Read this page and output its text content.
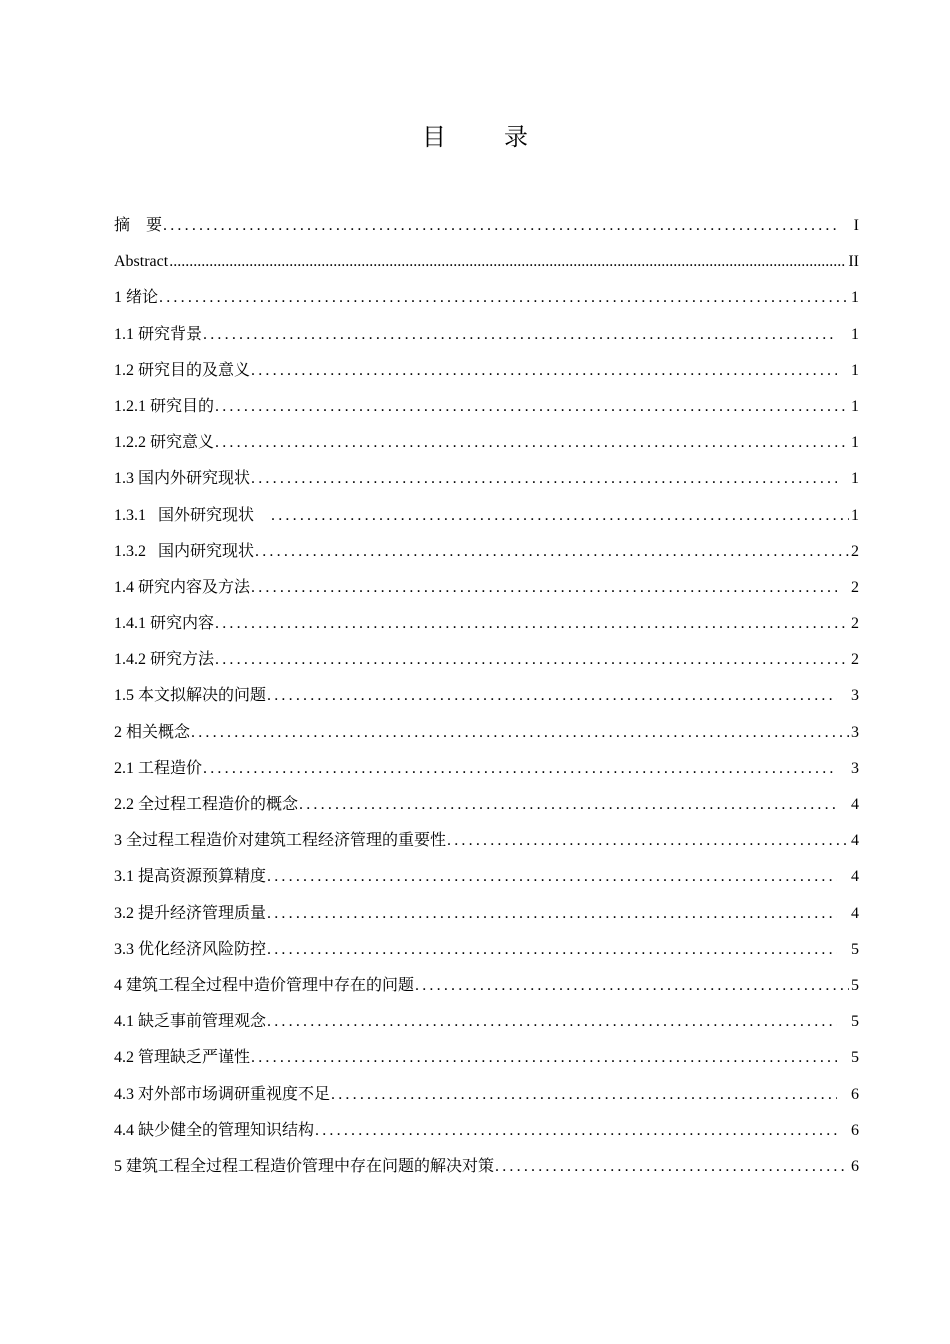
目 录
摘　要 .....	I
Abstract .....	II
1 绪论 .....	1
1.1 研究背景 .....	1
1.2 研究目的及意义 .....	1
1.2.1 研究目的 .....	1
1.2.2 研究意义 .....	1
1.3 国内外研究现状 .....	1
1.3.1   国外研究现状 .....	1
1.3.2   国内研究现状 .....	2
1.4 研究内容及方法 .....	2
1.4.1 研究内容 .....	2
1.4.2 研究方法 .....	2
1.5 本文拟解决的问题 .....	3
2 相关概念 .....	3
2.1 工程造价 .....	3
2.2 全过程工程造价的概念 .....	4
3 全过程工程造价对建筑工程经济管理的重要性 .....	4
3.1 提高资源预算精度 .....	4
3.2 提升经济管理质量 .....	4
3.3 优化经济风险防控 .....	5
4 建筑工程全过程中造价管理中存在的问题 .....	5
4.1 缺乏事前管理观念 .....	5
4.2 管理缺乏严谨性 .....	5
4.3 对外部市场调研重视度不足 .....	6
4.4 缺少健全的管理知识结构 .....	6
5 建筑工程全过程工程造价管理中存在问题的解决对策 .....	6
